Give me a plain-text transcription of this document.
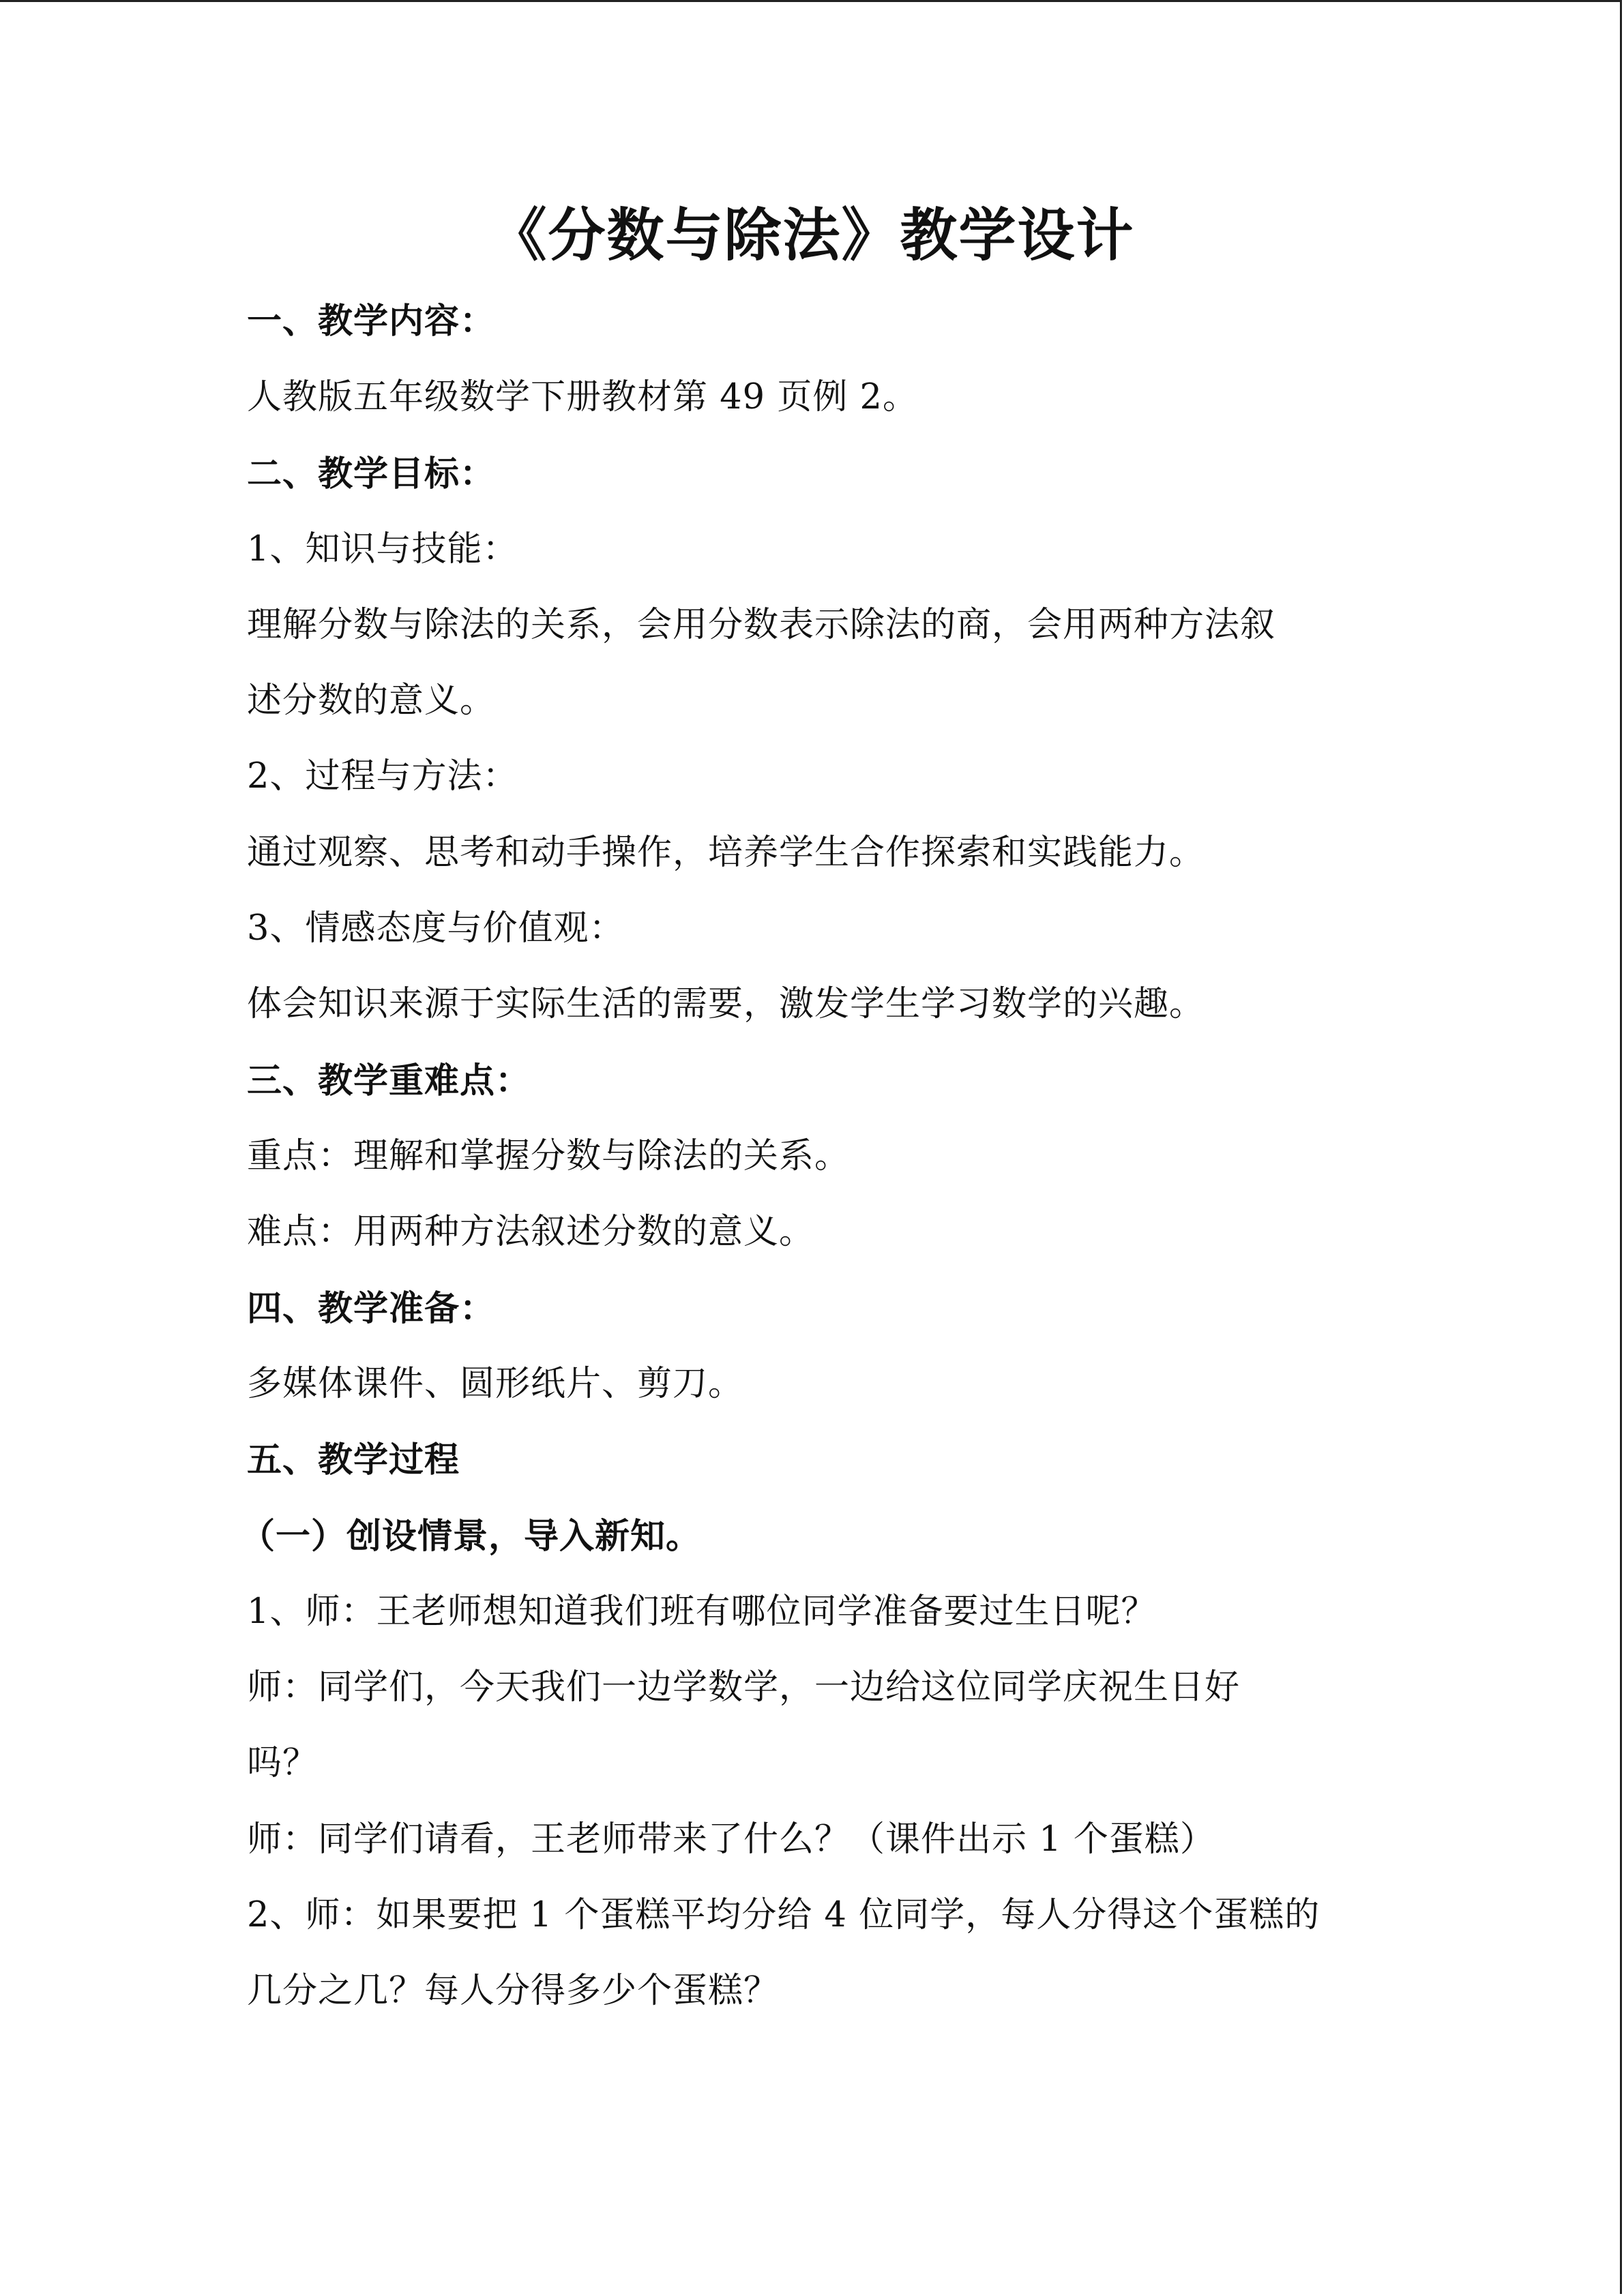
《分数与除法》教学设计
一、教学内容：
人教版五年级数学下册教材第 49 页例 2。
二、教学目标：
1、知识与技能：
理解分数与除法的关系，会用分数表示除法的商，会用两种方法叙
述分数的意义。
2、过程与方法：
通过观察、思考和动手操作，培养学生合作探索和实践能力。
3、情感态度与价值观：
体会知识来源于实际生活的需要，激发学生学习数学的兴趣。
三、教学重难点：
重点：理解和掌握分数与除法的关系。
难点：用两种方法叙述分数的意义。
四、教学准备：
多媒体课件、圆形纸片、剪刀。
五、教学过程
（一）创设情景，导入新知。
1、师：王老师想知道我们班有哪位同学准备要过生日呢？
师：同学们，今天我们一边学数学，一边给这位同学庆祝生日好
吗？
师：同学们请看，王老师带来了什么？（课件出示 1 个蛋糕）
2、师：如果要把 1 个蛋糕平均分给 4 位同学，每人分得这个蛋糕的
几分之几？每人分得多少个蛋糕？
